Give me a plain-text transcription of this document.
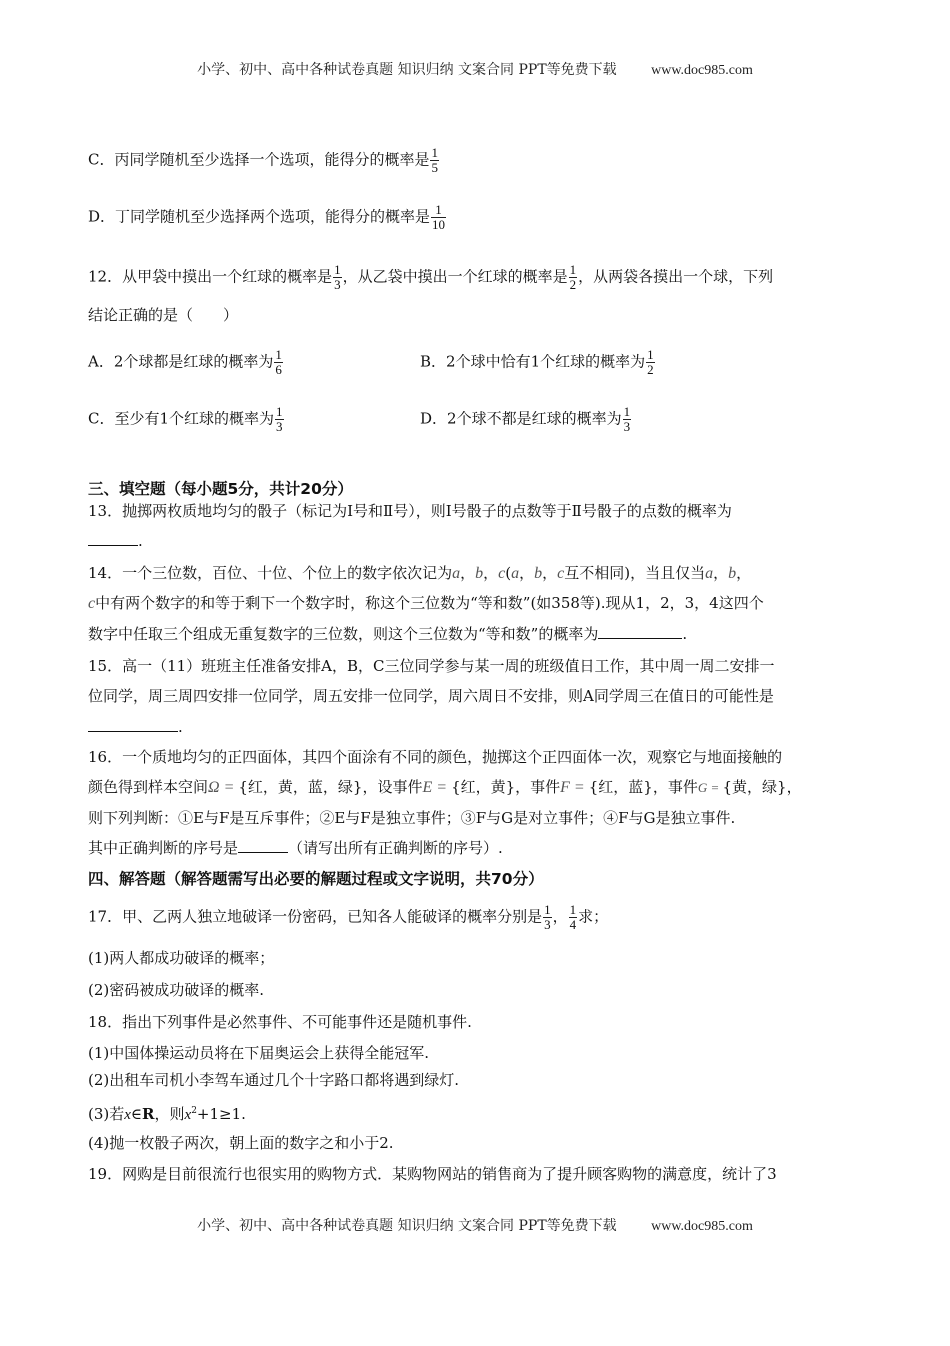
小学、初中、高中各种试卷真题 知识归纳 文案合同 PPT等免费下载 www.doc985.com
C．丙同学随机至少选择一个选项，能得分的概率是 $\frac{1}{5}$
D．丁同学随机至少选择两个选项，能得分的概率是 $\frac{1}{10}$
12．从甲袋中摸出一个红球的概率是 $\frac{1}{3}$ ，从乙袋中摸出一个红球的概率是 $\frac{1}{2}$ ，从两袋各摸出一个球，下列
结论正确的是（　　）
A．2个球都是红球的概率为 $\frac{1}{6}$	B．2个球中恰有1个红球的概率为 $\frac{1}{2}$
C．至少有1个红球的概率为 $\frac{1}{3}$	D．2个球不都是红球的概率为 $\frac{1}{3}$
三、填空题（每小题5分，共计20分）
13．抛掷两枚质地均匀的骰子（标记为Ⅰ号和Ⅱ号），则Ⅰ号骰子的点数等于Ⅱ号骰子的点数的概率为
.
14．一个三位数，百位、十位、个位上的数字依次记为a，b，c(a，b，c互不相同)，当且仅当a，b，
c中有两个数字的和等于剩下一个数字时，称这个三位数为“等和数”(如358等).现从1，2，3，4这四个
数字中任取三个组成无重复数字的三位数，则这个三位数为“等和数”的概率为	.
15．高一（11）班班主任准备安排A，B，C三位同学参与某一周的班级值日工作，其中周一周二安排一
位同学，周三周四安排一位同学，周五安排一位同学，周六周日不安排，则A同学周三在值日的可能性是
.
16．一个质地均匀的正四面体，其四个面涂有不同的颜色，抛掷这个正四面体一次，观察它与地面接触的
颜色得到样本空间Ω = {红，黄，蓝，绿}，设事件E = {红，黄}，事件F = {红，蓝}，事件G = {黄，绿}，
则下列判断：①E与F是互斥事件；②E与F是独立事件；③F与G是对立事件；④F与G是独立事件.
其中正确判断的序号是	（请写出所有正确判断的序号）.
四、解答题（解答题需写出必要的解题过程或文字说明，共70分）
17．甲、乙两人独立地破译一份密码，已知各人能破译的概率分别是 $\frac{1}{3}$ ， $\frac{1}{4}$ 求；
(1)两人都成功破译的概率；
(2)密码被成功破译的概率.
18．指出下列事件是必然事件、不可能事件还是随机事件.
(1)中国体操运动员将在下届奥运会上获得全能冠军.
(2)出租车司机小李驾车通过几个十字路口都将遇到绿灯.
(3)若x∈R，则$x^2+1\ge 1$.
(4)抛一枚骰子两次，朝上面的数字之和小于2.
19．网购是目前很流行也很实用的购物方式．某购物网站的销售商为了提升顾客购物的满意度，统计了3
小学、初中、高中各种试卷真题 知识归纳 文案合同 PPT等免费下载 www.doc985.com
